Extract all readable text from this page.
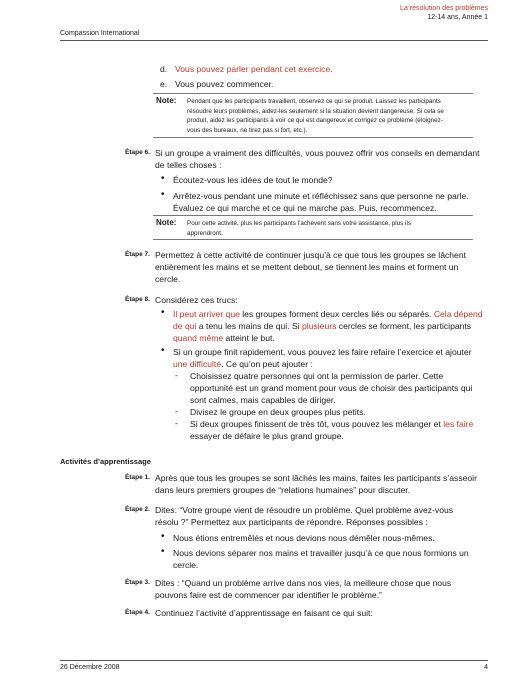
La résolution des problèmes
12-14 ans, Année 1
Compassion International
d. Vous pouvez parler pendant cet exercice.
e. Vous pouvez commencer.
Note: Pendant que les participants travaillent, observez ce qui se produit. Laissez les participants
résoudre leurs problèmes, aidez-les seulement si la situation devient dangereuse. Si cela se
produit, aidez les participants à voir ce qui est dangereux et corrigez ce problème (éloignez-
vous des bureaux, ne tirez pas si fort, etc.).
Étape 6. Si un groupe a vraiment des difficultés, vous pouvez offrir vos conseils en demandant
de telles choses :
• Écoutez-vous les idées de tout le monde?
• Arrêtez-vous pendant une minute et réfléchissez sans que personne ne parle.
Évaluez ce qui marche et ce qui ne marche pas. Puis, recommencez.
Note: Pour cette activité, plus les participants l’achèvent sans votre assistance, plus ils
apprendront.
Étape 7. Permettez à cette activité de continuer jusqu’à ce que tous les groupes se lâchent
entièrement les mains et se mettent debout, se tiennent les mains et forment un
cercle.
Étape 8. Considérez ces trucs:
• Il peut arriver que les groupes forment deux cercles liés ou séparés. Cela dépend
de qui a tenu les mains de qui. Si plusieurs cercles se forment, les participants
quand même atteint le but.
• Si un groupe finit rapidement, vous pouvez les faire refaire l’exercice et ajouter
une difficulté. Ce qu’on peut ajouter :
- Choisissez quatre personnes qui ont la permission de parler. Cette
opportunité est un grand moment pour vous de choisir des participants qui
sont calmes, mais capables de diriger.
- Divisez le groupe en deux groupes plus petits.
- Si deux groupes finissent de très tôt, vous pouvez les mélanger et les faire
essayer de défaire le plus grand groupe.
Activités d’apprentissage
Étape 1. Après que tous les groupes se sont lâchés les mains, faites les participants s’asseoir
dans leurs premiers groupes de “relations humaines” pour discuter.
Étape 2. Dites: “Votre groupe vient de résoudre un problème. Quel problème avez-vous
résolu ?” Permettez aux participants de répondre. Réponses possibles :
• Nous étions entremêlés et nous devions nous démêler nous-mêmes.
• Nous devions séparer nos mains et travailler jusqu’à ce que nous formions un
cercle.
Étape 3. Dites : “Quand un problème arrive dans nos vies, la meilleure chose que nous
pouvons faire est de commencer par identifier le problème.”
Étape 4. Continuez l’activité d’apprentissage en faisant ce qui suit:
26 Décembre 2008	4
